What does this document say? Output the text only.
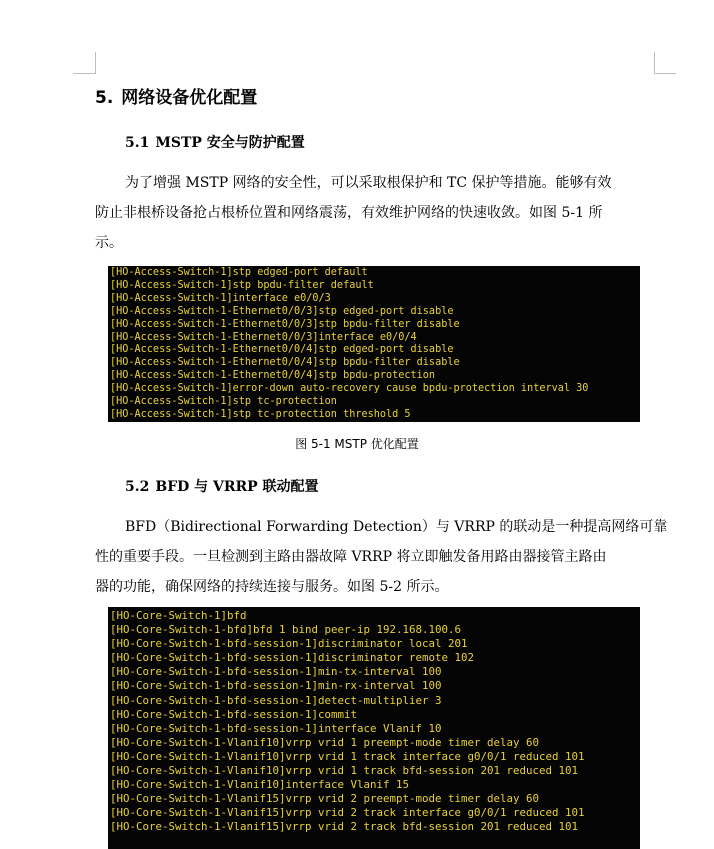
5. 网络设备优化配置
5.1 MSTP 安全与防护配置
为了增强 MSTP 网络的安全性，可以采取根保护和 TC 保护等措施。能够有效
防止非根桥设备抢占根桥位置和网络震荡，有效维护网络的快速收敛。如图 5-1 所
示。
[HO-Access-Switch-1]stp edged-port default
[HO-Access-Switch-1]stp bpdu-filter default
[HO-Access-Switch-1]interface e0/0/3
[HO-Access-Switch-1-Ethernet0/0/3]stp edged-port disable
[HO-Access-Switch-1-Ethernet0/0/3]stp bpdu-filter disable
[HO-Access-Switch-1-Ethernet0/0/3]interface e0/0/4
[HO-Access-Switch-1-Ethernet0/0/4]stp edged-port disable
[HO-Access-Switch-1-Ethernet0/0/4]stp bpdu-filter disable
[HO-Access-Switch-1-Ethernet0/0/4]stp bpdu-protection
[HO-Access-Switch-1]error-down auto-recovery cause bpdu-protection interval 30
[HO-Access-Switch-1]stp tc-protection
[HO-Access-Switch-1]stp tc-protection threshold 5
图 5-1 MSTP 优化配置
5.2 BFD 与 VRRP 联动配置
BFD（Bidirectional Forwarding Detection）与 VRRP 的联动是一种提高网络可靠
性的重要手段。一旦检测到主路由器故障 VRRP 将立即触发备用路由器接管主路由
器的功能，确保网络的持续连接与服务。如图 5-2 所示。
[HO-Core-Switch-1]bfd
[HO-Core-Switch-1-bfd]bfd 1 bind peer-ip 192.168.100.6
[HO-Core-Switch-1-bfd-session-1]discriminator local 201
[HO-Core-Switch-1-bfd-session-1]discriminator remote 102
[HO-Core-Switch-1-bfd-session-1]min-tx-interval 100
[HO-Core-Switch-1-bfd-session-1]min-rx-interval 100
[HO-Core-Switch-1-bfd-session-1]detect-multiplier 3
[HO-Core-Switch-1-bfd-session-1]commit
[HO-Core-Switch-1-bfd-session-1]interface Vlanif 10
[HO-Core-Switch-1-Vlanif10]vrrp vrid 1 preempt-mode timer delay 60
[HO-Core-Switch-1-Vlanif10]vrrp vrid 1 track interface g0/0/1 reduced 101
[HO-Core-Switch-1-Vlanif10]vrrp vrid 1 track bfd-session 201 reduced 101
[HO-Core-Switch-1-Vlanif10]interface Vlanif 15
[HO-Core-Switch-1-Vlanif15]vrrp vrid 2 preempt-mode timer delay 60
[HO-Core-Switch-1-Vlanif15]vrrp vrid 2 track interface g0/0/1 reduced 101
[HO-Core-Switch-1-Vlanif15]vrrp vrid 2 track bfd-session 201 reduced 101
